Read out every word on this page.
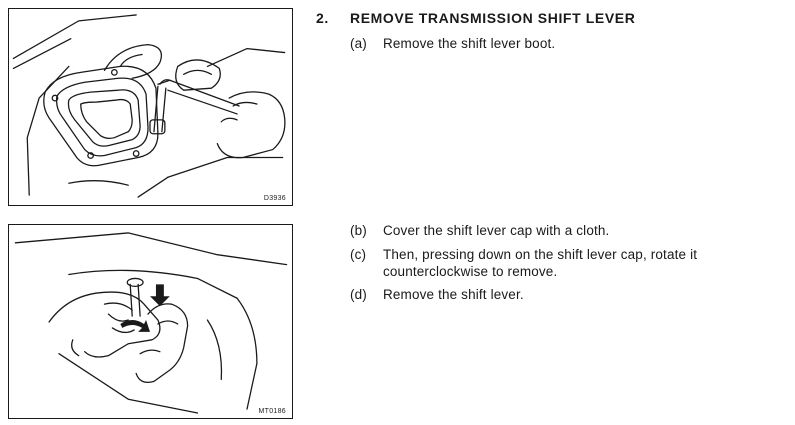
D3936
MT0186
2. REMOVE TRANSMISSION SHIFT LEVER
(a) Remove the shift lever boot.
(b) Cover the shift lever cap with a cloth.
(c) Then, pressing down on the shift lever cap, rotate it
counterclockwise to remove.
(d) Remove the shift lever.
